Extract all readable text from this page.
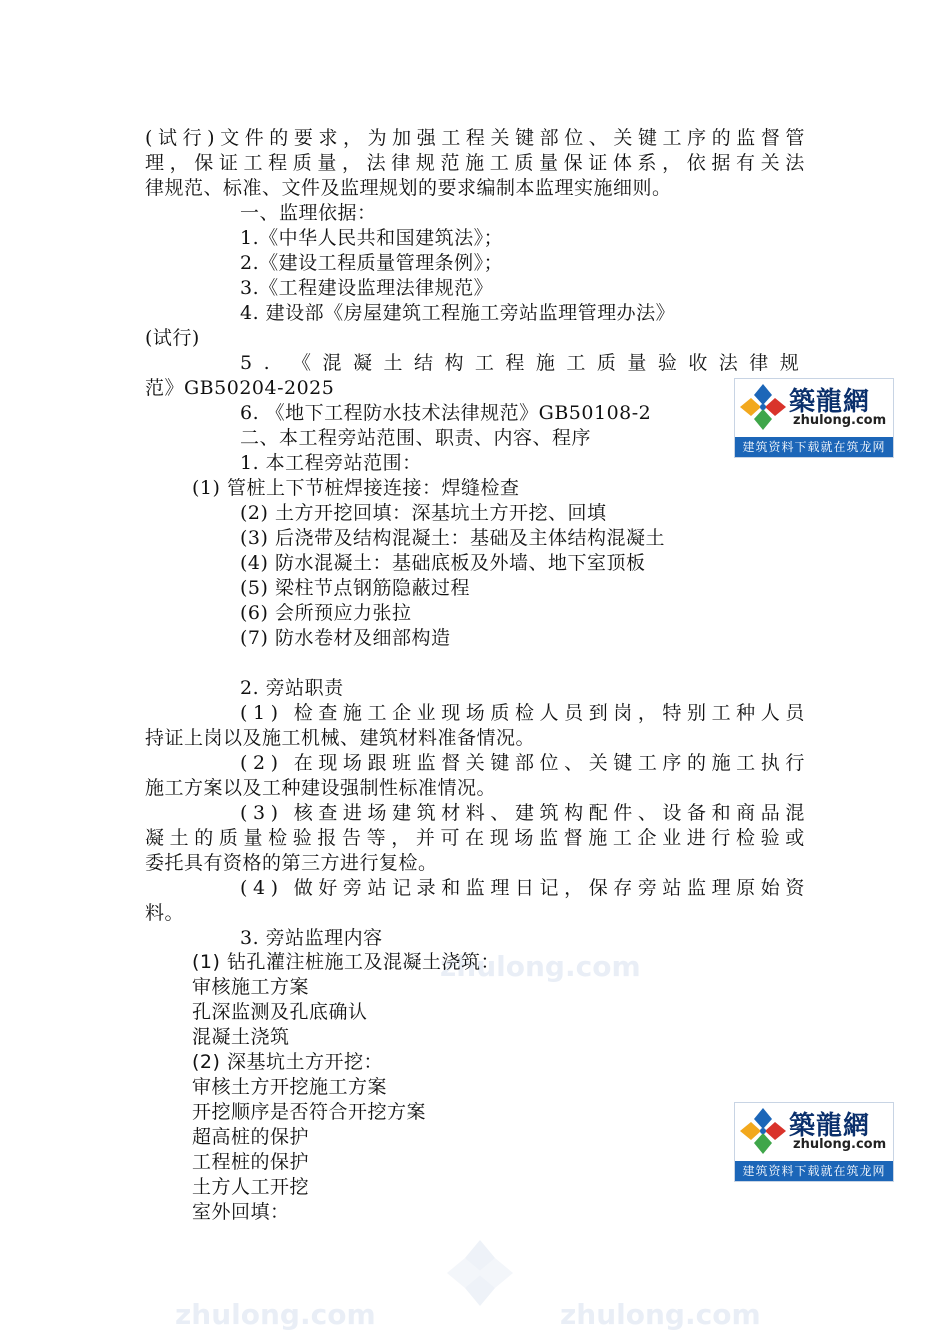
zhulong.com
zhulong.com	zhulong.com
( 试 行 ) 文 件 的 要 求 ， 为 加 强 工 程 关 键 部 位 、 关 键 工 序 的 监 督 管
理 ， 保 证 工 程 质 量 ， 法 律 规 范 施 工 质 量 保 证 体 系 ， 依 据 有 关 法
律规范、标准、文件及监理规划的要求编制本监理实施细则。
一、监理依据：
1.《中华人民共和国建筑法》；
2.《建设工程质量管理条例》；
3.《工程建设监理法律规范》
4. 建设部《房屋建筑工程施工旁站监理管理办法》
(试行)
5 . 《 混 凝 土 结 构 工 程 施 工 质 量 验 收 法 律 规
范》GB50204-2025
6. 《地下工程防水技术法律规范》GB50108-2
二、本工程旁站范围、职责、内容、程序
1. 本工程旁站范围：
(1) 管桩上下节桩焊接连接：焊缝检查
(2) 土方开挖回填：深基坑土方开挖、回填
(3) 后浇带及结构混凝土：基础及主体结构混凝土
(4) 防水混凝土：基础底板及外墙、地下室顶板
(5) 梁柱节点钢筋隐蔽过程
(6) 会所预应力张拉
(7) 防水卷材及细部构造
2. 旁站职责
( 1 ) 检 查 施 工 企 业 现 场 质 检 人 员 到 岗 ， 特 别 工 种 人 员
持证上岗以及施工机械、建筑材料准备情况。
( 2 ) 在 现 场 跟 班 监 督 关 键 部 位 、 关 键 工 序 的 施 工 执 行
施工方案以及工种建设强制性标准情况。
( 3 ) 核 查 进 场 建 筑 材 料 、 建 筑 构 配 件 、 设 备 和 商 品 混
凝 土 的 质 量 检 验 报 告 等 ， 并 可 在 现 场 监 督 施 工 企 业 进 行 检 验 或
委托具有资格的第三方进行复检。
( 4 ) 做 好 旁 站 记 录 和 监 理 日 记 ， 保 存 旁 站 监 理 原 始 资
料。
3. 旁站监理内容
(1) 钻孔灌注桩施工及混凝土浇筑：
审核施工方案
孔深监测及孔底确认
混凝土浇筑
(2) 深基坑土方开挖：
审核土方开挖施工方案
开挖顺序是否符合开挖方案
超高桩的保护
工程桩的保护
土方人工开挖
室外回填：
築龍網
zhulong.com
建筑资料下载就在筑龙网
築龍網
zhulong.com
建筑资料下载就在筑龙网
